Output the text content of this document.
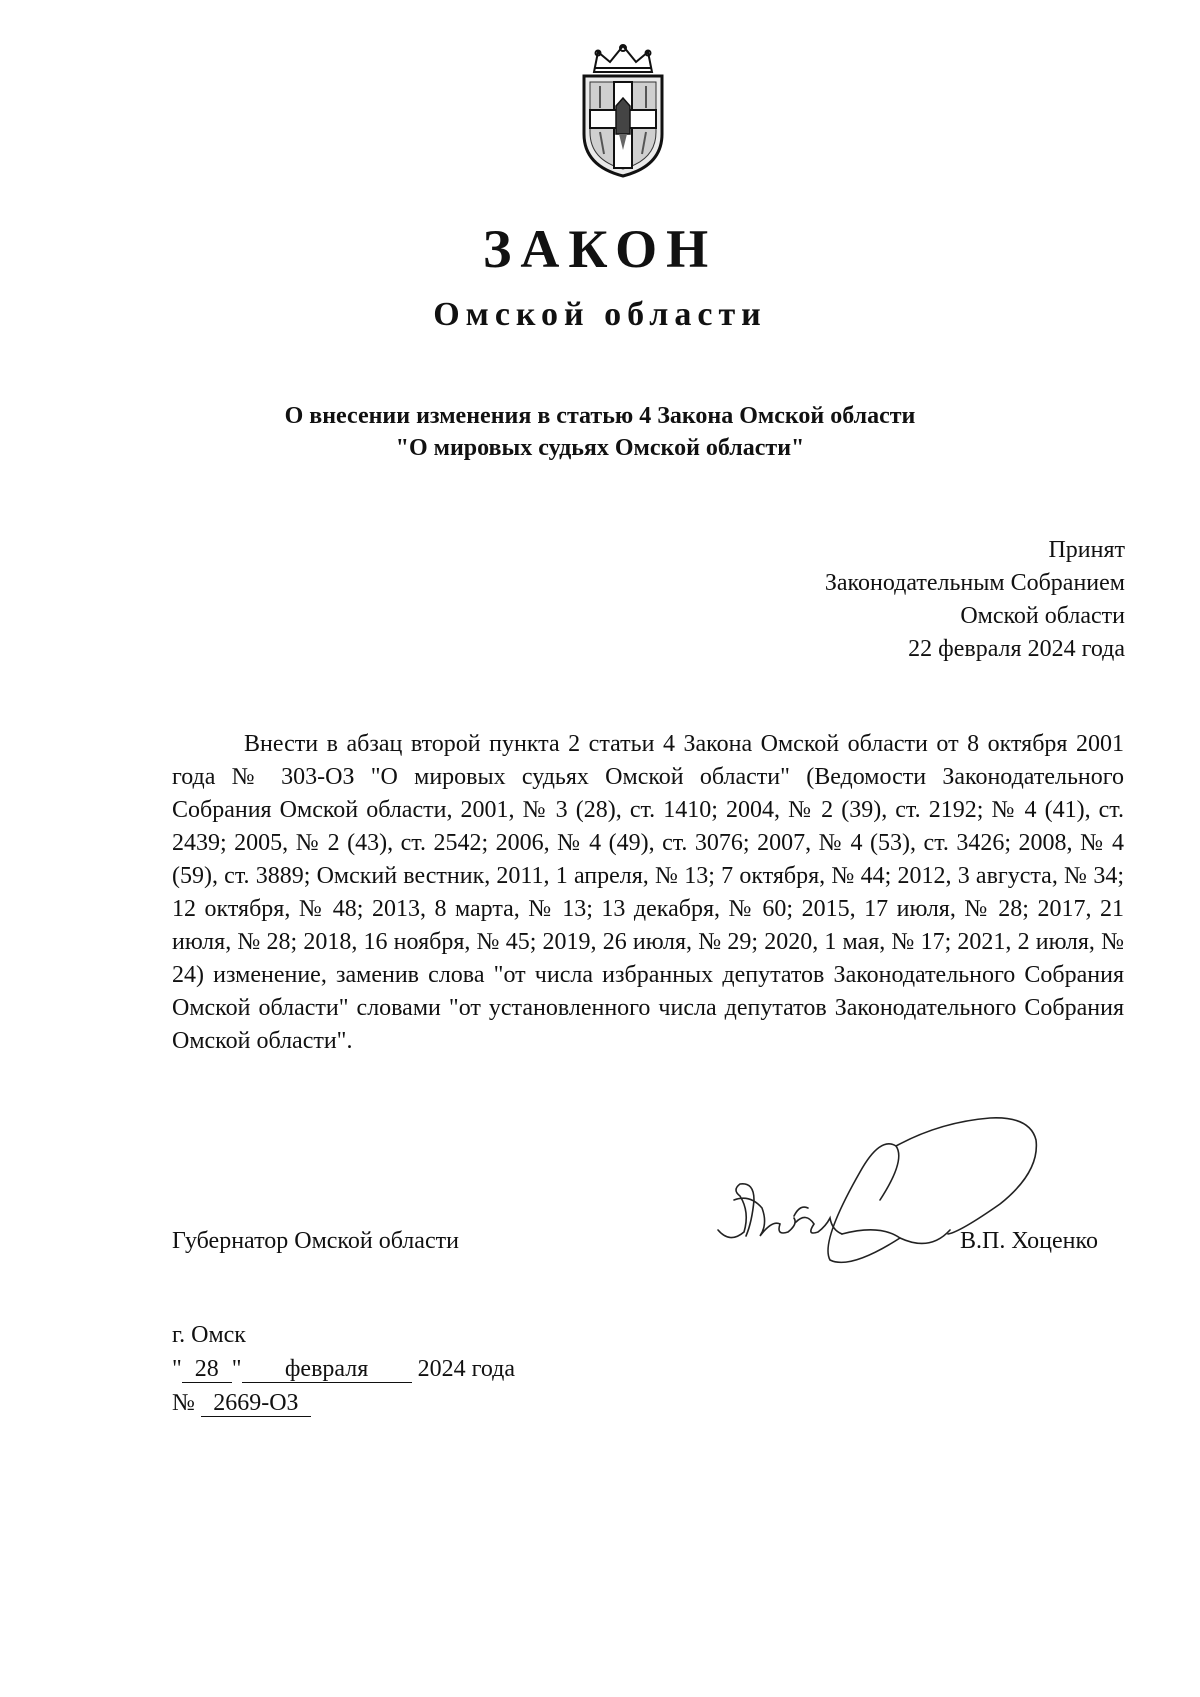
ЗАКОН
Омской области
О внесении изменения в статью 4 Закона Омской области
"О мировых судьях Омской области"
Принят
Законодательным Собранием
Омской области
22 февраля 2024 года
Внести в абзац второй пункта 2 статьи 4 Закона Омской области от 8 октября 2001 года № 303-ОЗ "О мировых судьях Омской области" (Ведомости Законодательного Собрания Омской области, 2001, № 3 (28), ст. 1410; 2004, № 2 (39), ст. 2192; № 4 (41), ст. 2439; 2005, № 2 (43), ст. 2542; 2006, № 4 (49), ст. 3076; 2007, № 4 (53), ст. 3426; 2008, № 4 (59), ст. 3889; Омский вестник, 2011, 1 апреля, № 13; 7 октября, № 44; 2012, 3 августа, № 34; 12 октября, № 48; 2013, 8 марта, № 13; 13 декабря, № 60; 2015, 17 июля, № 28; 2017, 21 июля, № 28; 2018, 16 ноября, № 45; 2019, 26 июля, № 29; 2020, 1 мая, № 17; 2021, 2 июля, № 24) изменение, заменив слова "от числа избранных депутатов Законодательного Собрания Омской области" словами "от установленного числа депутатов Законодательного Собрания Омской области".
Губернатор Омской области	В.П. Хоценко
г. Омск
" 28 " февраля 2024 года
№ 2669-ОЗ
